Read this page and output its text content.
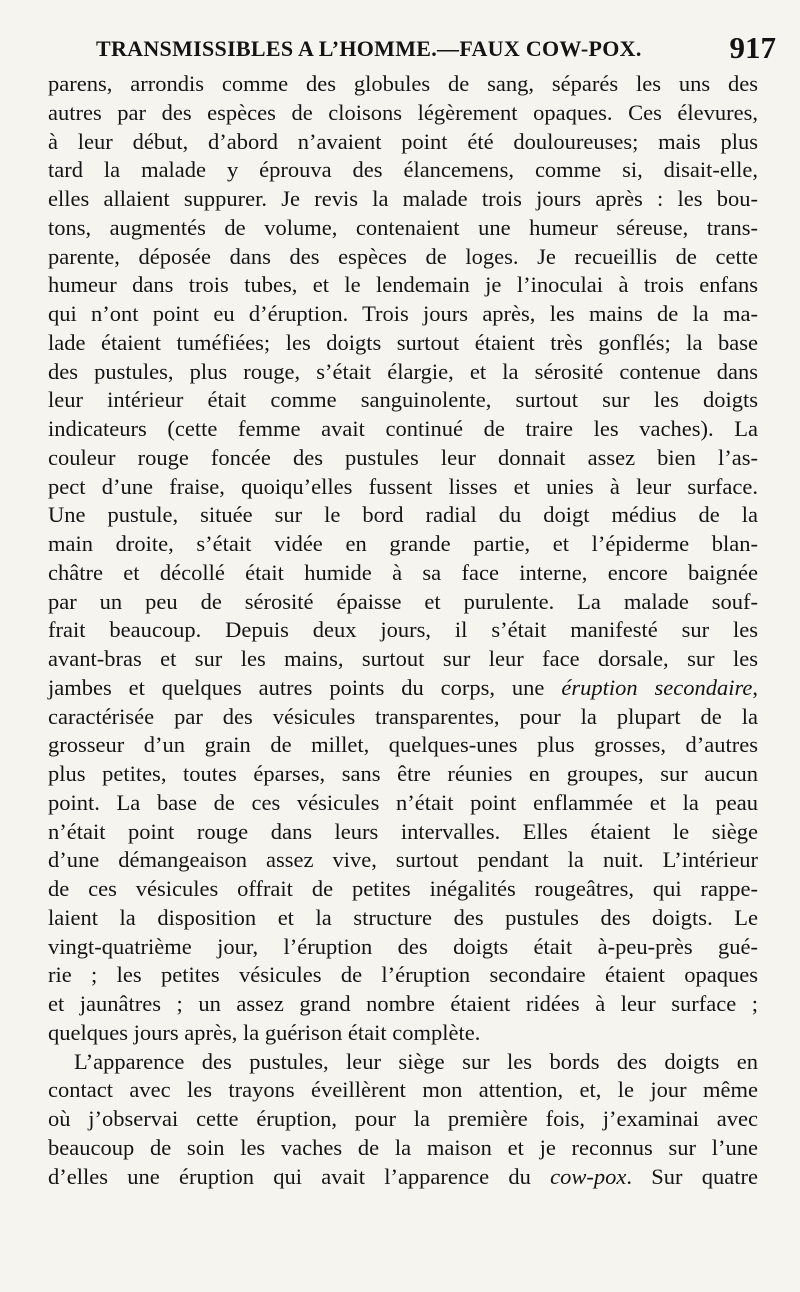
TRANSMISSIBLES A L’HOMME.—FAUX COW-POX.	917
parens, arrondis comme des globules de sang, séparés les uns des
autres par des espèces de cloisons légèrement opaques. Ces élevures,
à leur début, d’abord n’avaient point été douloureuses; mais plus
tard la malade y éprouva des élancemens, comme si, disait-elle,
elles allaient suppurer. Je revis la malade trois jours après : les bou-
tons, augmentés de volume, contenaient une humeur séreuse, trans-
parente, déposée dans des espèces de loges. Je recueillis de cette
humeur dans trois tubes, et le lendemain je l’inoculai à trois enfans
qui n’ont point eu d’éruption. Trois jours après, les mains de la ma-
lade étaient tuméfiées; les doigts surtout étaient très gonflés; la base
des pustules, plus rouge, s’était élargie, et la sérosité contenue dans
leur intérieur était comme sanguinolente, surtout sur les doigts
indicateurs (cette femme avait continué de traire les vaches). La
couleur rouge foncée des pustules leur donnait assez bien l’as-
pect d’une fraise, quoiqu’elles fussent lisses et unies à leur surface.
Une pustule, située sur le bord radial du doigt médius de la
main droite, s’était vidée en grande partie, et l’épiderme blan-
châtre et décollé était humide à sa face interne, encore baignée
par un peu de sérosité épaisse et purulente. La malade souf-
frait beaucoup. Depuis deux jours, il s’était manifesté sur les
avant-bras et sur les mains, surtout sur leur face dorsale, sur les
jambes et quelques autres points du corps, une éruption secondaire,
caractérisée par des vésicules transparentes, pour la plupart de la
grosseur d’un grain de millet, quelques-unes plus grosses, d’autres
plus petites, toutes éparses, sans être réunies en groupes, sur aucun
point. La base de ces vésicules n’était point enflammée et la peau
n’était point rouge dans leurs intervalles. Elles étaient le siège
d’une démangeaison assez vive, surtout pendant la nuit. L’intérieur
de ces vésicules offrait de petites inégalités rougeâtres, qui rappe-
laient la disposition et la structure des pustules des doigts. Le
vingt-quatrième jour, l’éruption des doigts était à-peu-près gué-
rie ; les petites vésicules de l’éruption secondaire étaient opaques
et jaunâtres ; un assez grand nombre étaient ridées à leur surface ;
quelques jours après, la guérison était complète.
L’apparence des pustules, leur siège sur les bords des doigts en
contact avec les trayons éveillèrent mon attention, et, le jour même
où j’observai cette éruption, pour la première fois, j’examinai avec
beaucoup de soin les vaches de la maison et je reconnus sur l’une
d’elles une éruption qui avait l’apparence du cow-pox. Sur quatre
